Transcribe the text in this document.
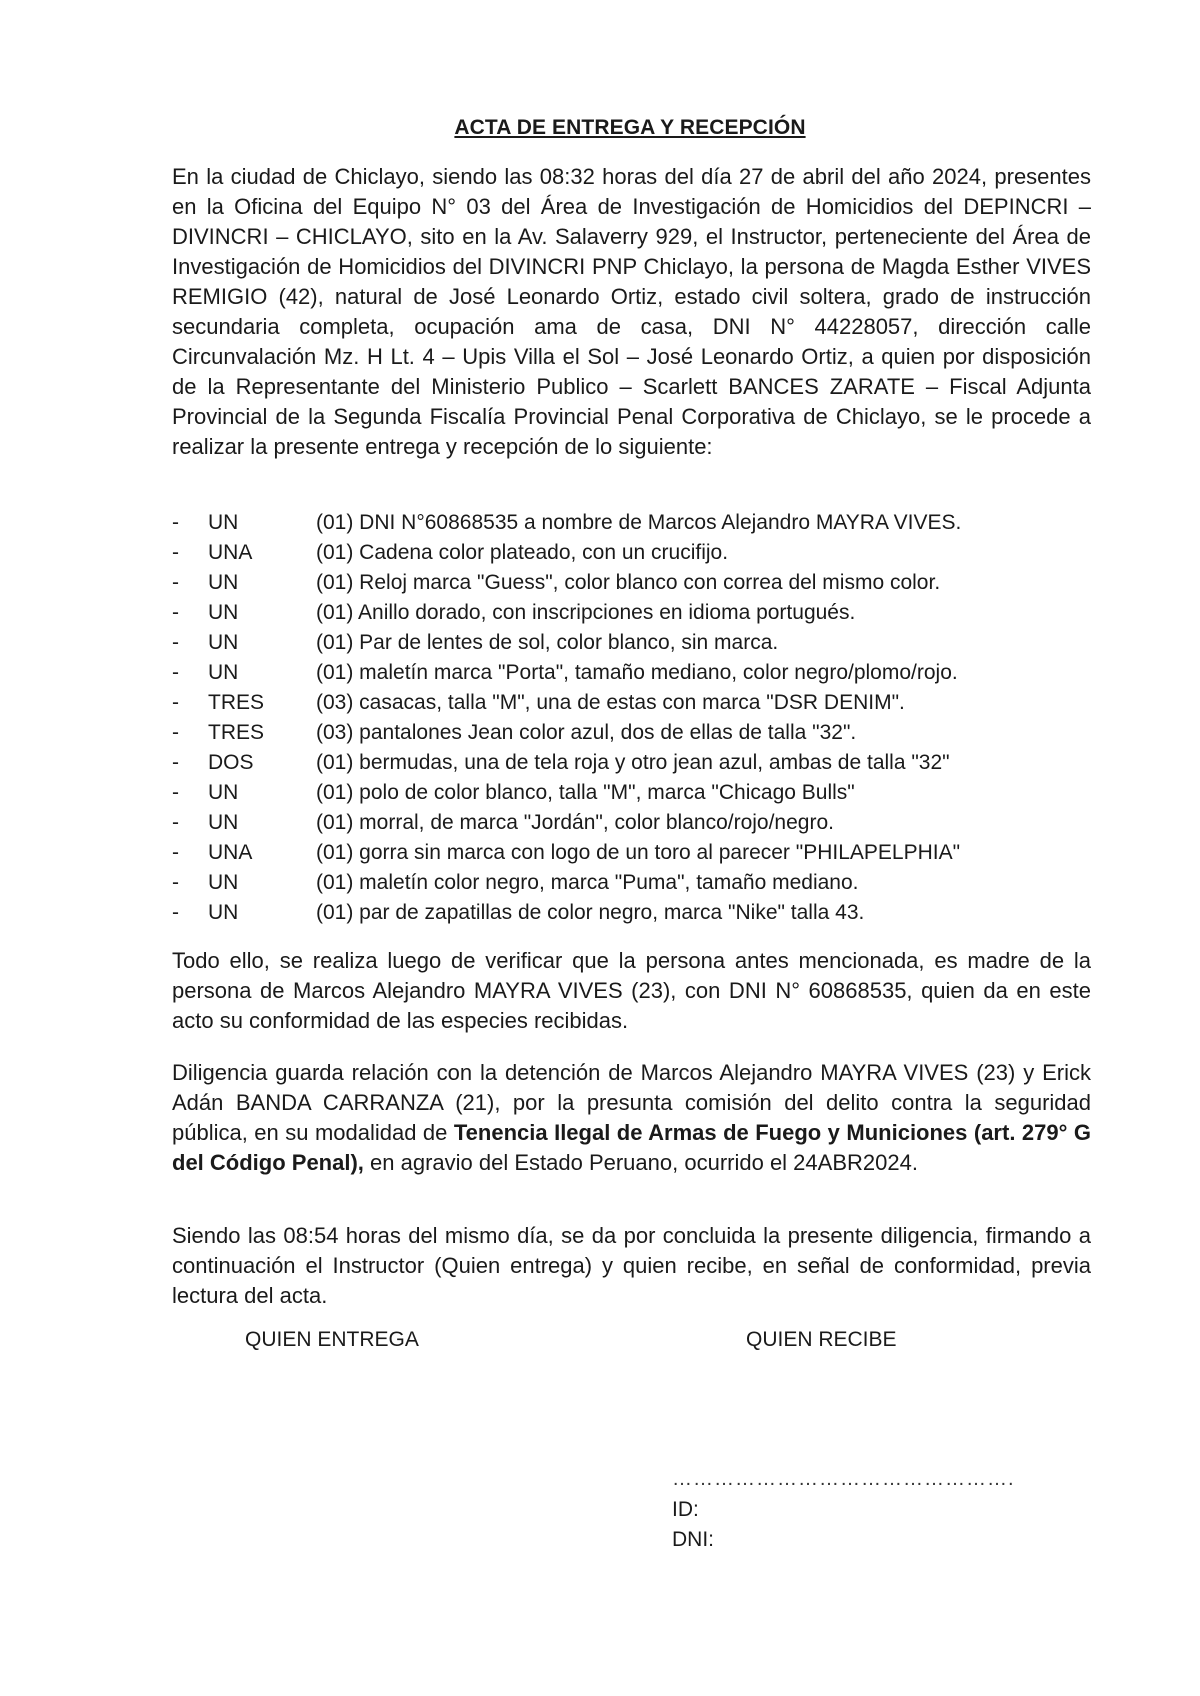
ACTA DE ENTREGA Y RECEPCIÓN
En la ciudad de Chiclayo, siendo las 08:32 horas del día 27 de abril del año 2024, presentes en la Oficina del Equipo N° 03 del Área de Investigación de Homicidios del DEPINCRI – DIVINCRI – CHICLAYO, sito en la Av. Salaverry 929, el Instructor, perteneciente del Área de Investigación de Homicidios del DIVINCRI PNP Chiclayo, la persona de Magda Esther VIVES REMIGIO (42), natural de José Leonardo Ortiz, estado civil soltera, grado de instrucción secundaria completa, ocupación ama de casa, DNI N° 44228057, dirección calle Circunvalación Mz. H Lt. 4 – Upis Villa el Sol – José Leonardo Ortiz, a quien por disposición de la Representante del Ministerio Publico – Scarlett BANCES ZARATE – Fiscal Adjunta Provincial de la Segunda Fiscalía Provincial Penal Corporativa de Chiclayo, se le procede a realizar la presente entrega y recepción de lo siguiente:
- UN	(01) DNI N°60868535 a nombre de Marcos Alejandro MAYRA VIVES.
- UNA	(01) Cadena color plateado, con un crucifijo.
- UN	(01) Reloj marca "Guess", color blanco con correa del mismo color.
- UN	(01) Anillo dorado, con inscripciones en idioma portugués.
- UN	(01) Par de lentes de sol, color blanco, sin marca.
- UN	(01) maletín marca "Porta", tamaño mediano, color negro/plomo/rojo.
- TRES (03) casacas, talla "M", una de estas con marca "DSR DENIM".
- TRES (03) pantalones Jean color azul, dos de ellas de talla "32".
- DOS	(01) bermudas, una de tela roja y otro jean azul, ambas de talla "32"
- UN	(01) polo de color blanco, talla "M", marca "Chicago Bulls"
- UN	(01) morral, de marca "Jordán", color blanco/rojo/negro.
- UNA	(01) gorra sin marca con logo de un toro al parecer "PHILAPELPHIA"
- UN	(01) maletín color negro, marca "Puma", tamaño mediano.
- UN	(01) par de zapatillas de color negro, marca "Nike" talla 43.
Todo ello, se realiza luego de verificar que la persona antes mencionada, es madre de la persona de Marcos Alejandro MAYRA VIVES (23), con DNI N° 60868535, quien da en este acto su conformidad de las especies recibidas.
Diligencia guarda relación con la detención de Marcos Alejandro MAYRA VIVES (23) y Erick Adán BANDA CARRANZA (21), por la presunta comisión del delito contra la seguridad pública, en su modalidad de Tenencia Ilegal de Armas de Fuego y Municiones (art. 279° G del Código Penal), en agravio del Estado Peruano, ocurrido el 24ABR2024.
Siendo las 08:54 horas del mismo día, se da por concluida la presente diligencia, firmando a continuación el Instructor (Quien entrega) y quien recibe, en señal de conformidad, previa lectura del acta.
QUIEN ENTREGA	QUIEN RECIBE
………………………………………….
ID:
DNI:
